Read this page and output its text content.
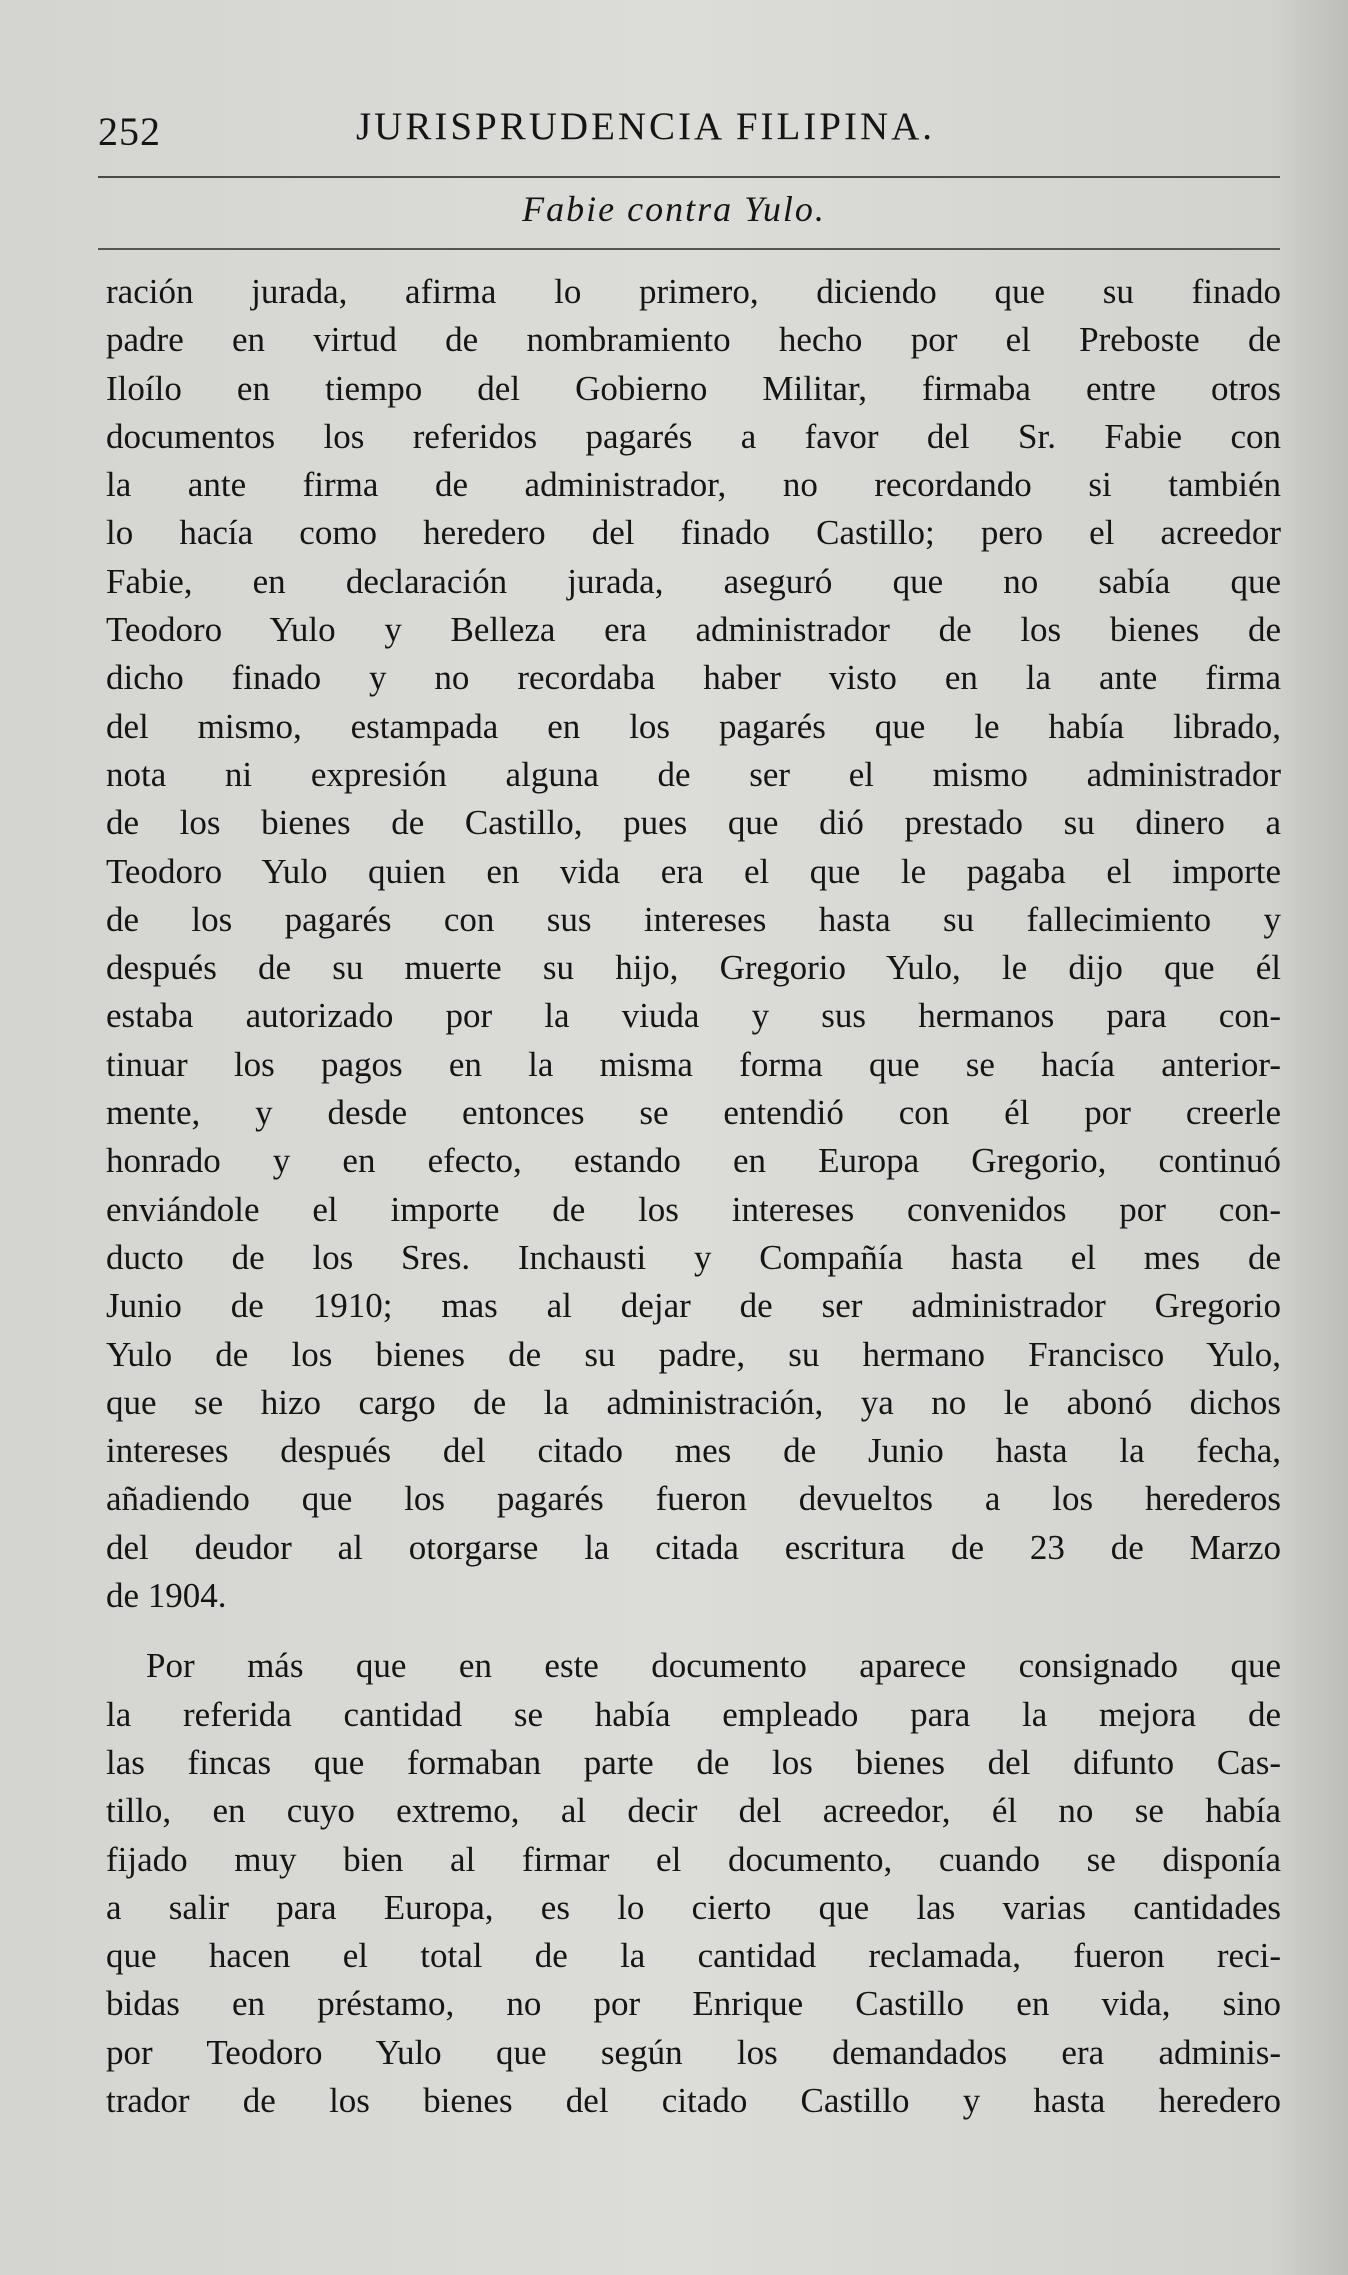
252	JURISPRUDENCIA FILIPINA.
Fabie contra Yulo.
ración jurada, afirma lo primero, diciendo que su finado
padre en virtud de nombramiento hecho por el Preboste de
Iloílo en tiempo del Gobierno Militar, firmaba entre otros
documentos los referidos pagarés a favor del Sr. Fabie con
la ante firma de administrador, no recordando si también
lo hacía como heredero del finado Castillo; pero el acreedor
Fabie, en declaración jurada, aseguró que no sabía que
Teodoro Yulo y Belleza era administrador de los bienes de
dicho finado y no recordaba haber visto en la ante firma
del mismo, estampada en los pagarés que le había librado,
nota ni expresión alguna de ser el mismo administrador
de los bienes de Castillo, pues que dió prestado su dinero a
Teodoro Yulo quien en vida era el que le pagaba el importe
de los pagarés con sus intereses hasta su fallecimiento y
después de su muerte su hijo, Gregorio Yulo, le dijo que él
estaba autorizado por la viuda y sus hermanos para con-
tinuar los pagos en la misma forma que se hacía anterior-
mente, y desde entonces se entendió con él por creerle
honrado y en efecto, estando en Europa Gregorio, continuó
enviándole el importe de los intereses convenidos por con-
ducto de los Sres. Inchausti y Compañía hasta el mes de
Junio de 1910; mas al dejar de ser administrador Gregorio
Yulo de los bienes de su padre, su hermano Francisco Yulo,
que se hizo cargo de la administración, ya no le abonó dichos
intereses después del citado mes de Junio hasta la fecha,
añadiendo que los pagarés fueron devueltos a los herederos
del deudor al otorgarse la citada escritura de 23 de Marzo
de 1904.
Por más que en este documento aparece consignado que
la referida cantidad se había empleado para la mejora de
las fincas que formaban parte de los bienes del difunto Cas-
tillo, en cuyo extremo, al decir del acreedor, él no se había
fijado muy bien al firmar el documento, cuando se disponía
a salir para Europa, es lo cierto que las varias cantidades
que hacen el total de la cantidad reclamada, fueron reci-
bidas en préstamo, no por Enrique Castillo en vida, sino
por Teodoro Yulo que según los demandados era adminis-
trador de los bienes del citado Castillo y hasta heredero
